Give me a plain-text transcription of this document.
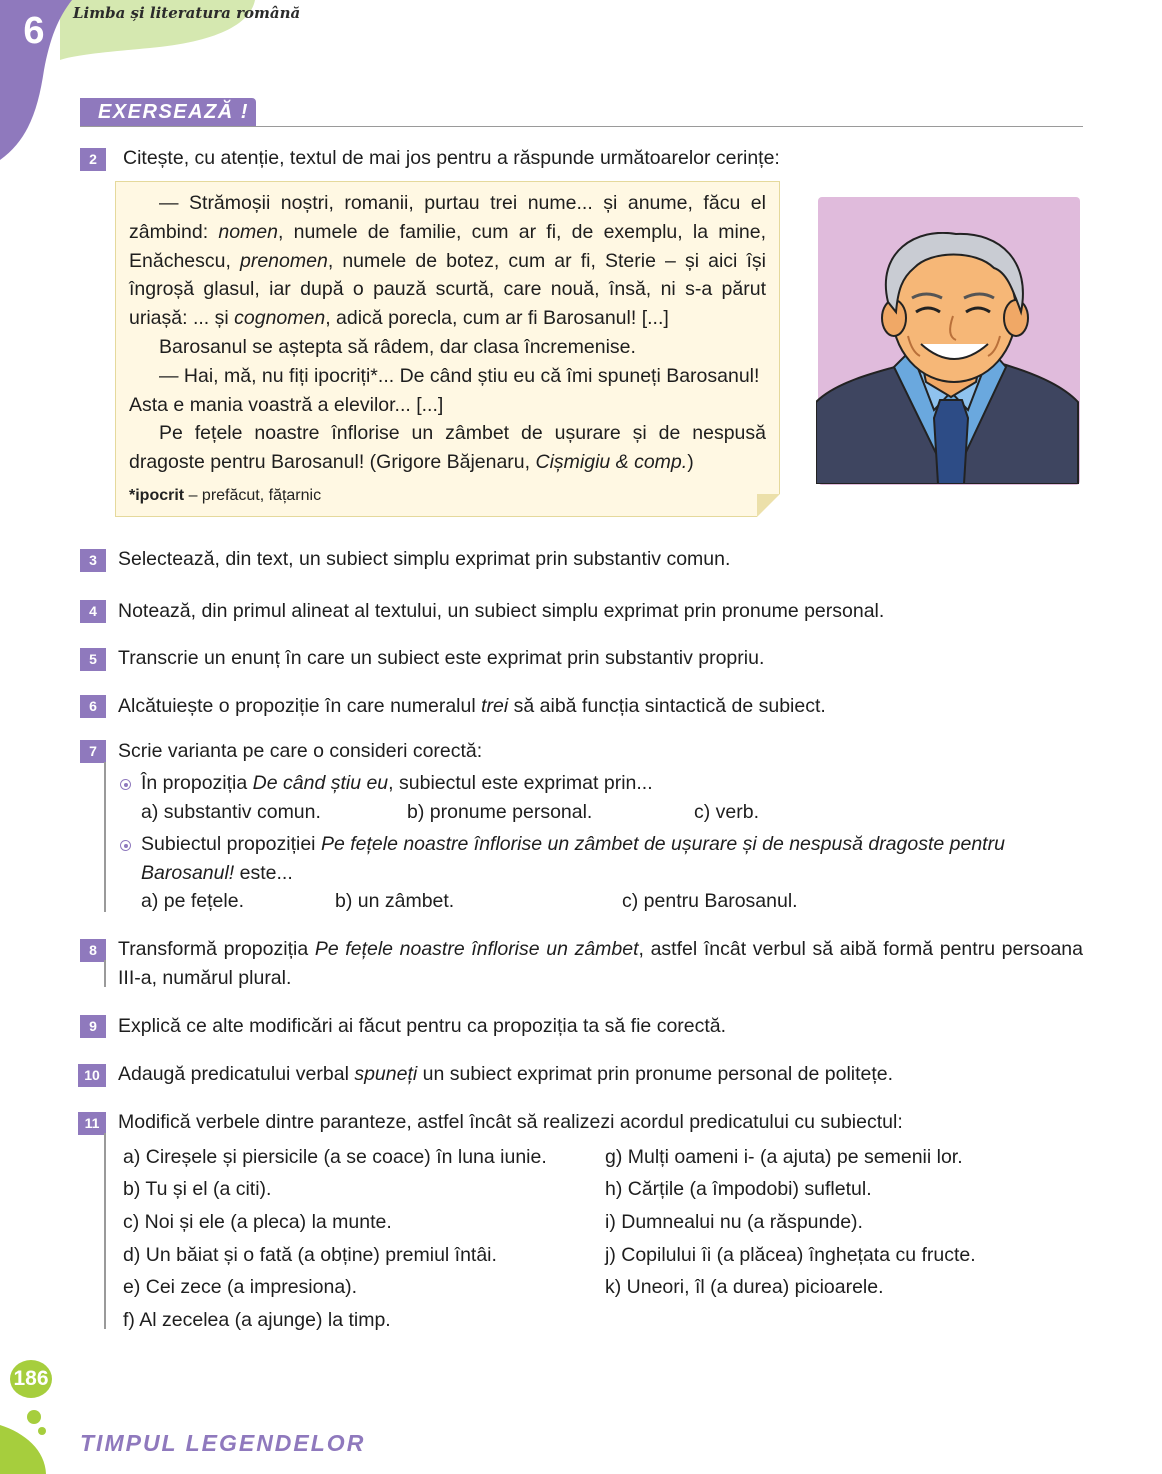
6	Limba și literatura română
EXERSEAZĂ !
2	Citește, cu atenție, textul de mai jos pentru a răspunde următoarelor cerințe:

— Strămoșii noștri, romanii, purtau trei nume... și anume, făcu el zâmbind: nomen, numele de familie, cum ar fi, de exemplu, la mine, Enăchescu, prenomen, numele de botez, cum ar fi, Sterie – și aici își îngroșă glasul, iar după o pauză scurtă, care nouă, însă, ni s-a părut uriașă: ... și cognomen, adică porecla, cum ar fi Barosanul! [...]

Barosanul se aștepta să râdem, dar clasa încremenise.

— Hai, mă, nu fiți ipocriți*... De când știu eu că îmi spuneți Barosanul!

Asta e mania voastră a elevilor... [...]

Pe fețele noastre înflorise un zâmbet de ușurare și de nespusă dragoste pentru Barosanul! (Grigore Băjenaru, Cișmigiu & comp.)

*ipocrit – prefăcut, fățarnic
3	Selectează, din text, un subiect simplu exprimat prin substantiv comun.
4	Notează, din primul alineat al textului, un subiect simplu exprimat prin pronume personal.
5	Transcrie un enunț în care un subiect este exprimat prin substantiv propriu.
6	Alcătuiește o propoziție în care numeralul trei să aibă funcția sintactică de subiect.
7	Scrie varianta pe care o consideri corectă:
În propoziția De când știu eu, subiectul este exprimat prin...
a) substantiv comun.	b) pronume personal.	c) verb.
Subiectul propoziției Pe fețele noastre înflorise un zâmbet de ușurare și de nespusă dragoste pentru
Barosanul! este...
a) pe fețele.	b) un zâmbet.	c) pentru Barosanul.
8	Transformă propoziția Pe fețele noastre înflorise un zâmbet, astfel încât verbul să aibă formă pentru persoana III-a, numărul plural.
9	Explică ce alte modificări ai făcut pentru ca propoziția ta să fie corectă.
10 Adaugă predicatului verbal spuneți un subiect exprimat prin pronume personal de politețe.
11 Modifică verbele dintre paranteze, astfel încât să realizezi acordul predicatului cu subiectul:
a) Cireșele și piersicile (a se coace) în luna iunie.
b) Tu și el (a citi).
c) Noi și ele (a pleca) la munte.
d) Un băiat și o fată (a obține) premiul întâi.
e) Cei zece (a impresiona).
f) Al zecelea (a ajunge) la timp.
g) Mulți oameni i- (a ajuta) pe semenii lor.
h) Cărțile (a împodobi) sufletul.
i) Dumnealui nu (a răspunde).
j) Copilului îi (a plăcea) înghețata cu fructe.
k) Uneori, îl (a durea) picioarele.
186
TIMPUL LEGENDELOR
